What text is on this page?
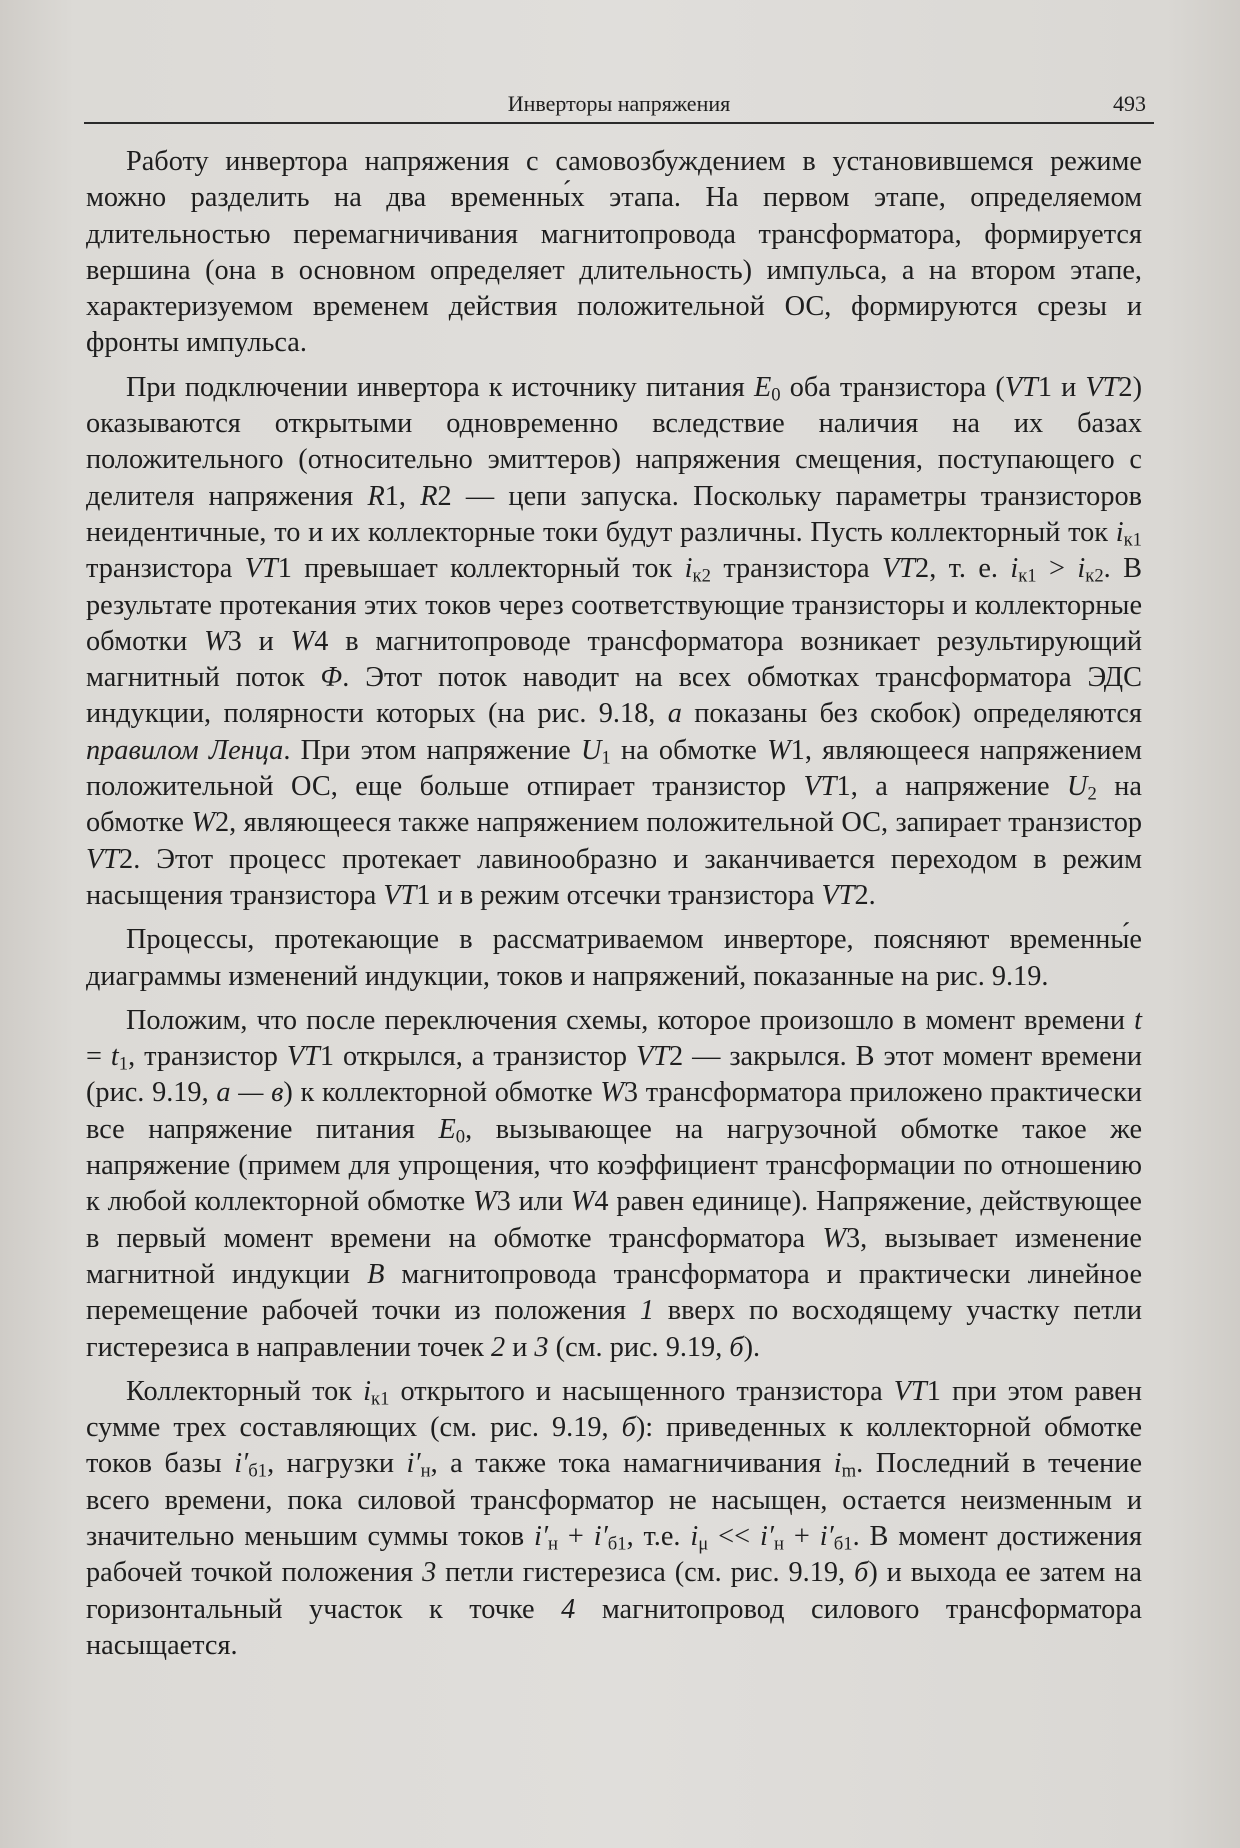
Инверторы напряжения	493

Работу инвертора напряжения с самовозбуждением в установившемся режиме можно разделить на два временны́х этапа. На первом этапе, определяемом длительностью перемагничивания магнитопровода трансформатора, формируется вершина (она в основном определяет длительность) импульса, а на втором этапе, характеризуемом временем действия положительной ОС, формируются срезы и фронты импульса.

При подключении инвертора к источнику питания $E_0$ оба транзистора (VT1 и VT2) оказываются открытыми одновременно вследствие наличия на их базах положительного (относительно эмиттеров) напряжения смещения, поступающего с делителя напряжения R1, R2 — цепи запуска. Поскольку параметры транзисторов неидентичные, то и их коллекторные токи будут различны. Пусть коллекторный ток $i_{к1}$ транзистора VT1 превышает коллекторный ток $i_{к2}$ транзистора VT2, т. е. $i_{к1} > i_{к2}$. В результате протекания этих токов через соответствующие транзисторы и коллекторные обмотки W3 и W4 в магнитопроводе трансформатора возникает результирующий магнитный поток Φ. Этот поток наводит на всех обмотках трансформатора ЭДС индукции, полярности которых (на рис. 9.18, а показаны без скобок) определяются правилом Ленца. При этом напряжение $U_1$ на обмотке W1, являющееся напряжением положительной ОС, еще больше отпирает транзистор VT1, а напряжение $U_2$ на обмотке W2, являющееся также напряжением положительной ОС, запирает транзистор VT2. Этот процесс протекает лавинообразно и заканчивается переходом в режим насыщения транзистора VT1 и в режим отсечки транзистора VT2.

Процессы, протекающие в рассматриваемом инверторе, поясняют временны́е диаграммы изменений индукции, токов и напряжений, показанные на рис. 9.19.

Положим, что после переключения схемы, которое произошло в момент времени $t = t_1$, транзистор VT1 открылся, а транзистор VT2 — закрылся. В этот момент времени (рис. 9.19, а — в) к коллекторной обмотке W3 трансформатора приложено практически все напряжение питания $E_0$, вызывающее на нагрузочной обмотке такое же напряжение (примем для упрощения, что коэффициент трансформации по отношению к любой коллекторной обмотке W3 или W4 равен единице). Напряжение, действующее в первый момент времени на обмотке трансформатора W3, вызывает изменение магнитной индукции B магнитопровода трансформатора и практически линейное перемещение рабочей точки из положения 1 вверх по восходящему участку петли гистерезиса в направлении точек 2 и 3 (см. рис. 9.19, б).

Коллекторный ток $i_{к1}$ открытого и насыщенного транзистора VT1 при этом равен сумме трех составляющих (см. рис. 9.19, б): приведенных к коллекторной обмотке токов базы $i'_{б1}$, нагрузки $i'_н$, а также тока намагничивания $i_m$. Последний в течение всего времени, пока силовой трансформатор не насыщен, остается неизменным и значительно меньшим суммы токов $i'_н + i'_{б1}$, т.е. $i_\mu << i'_н + i'_{б1}$. В момент достижения рабочей точкой положения 3 петли гистерезиса (см. рис. 9.19, б) и выхода ее затем на горизонтальный участок к точке 4 магнитопровод силового трансформатора насыщается.
